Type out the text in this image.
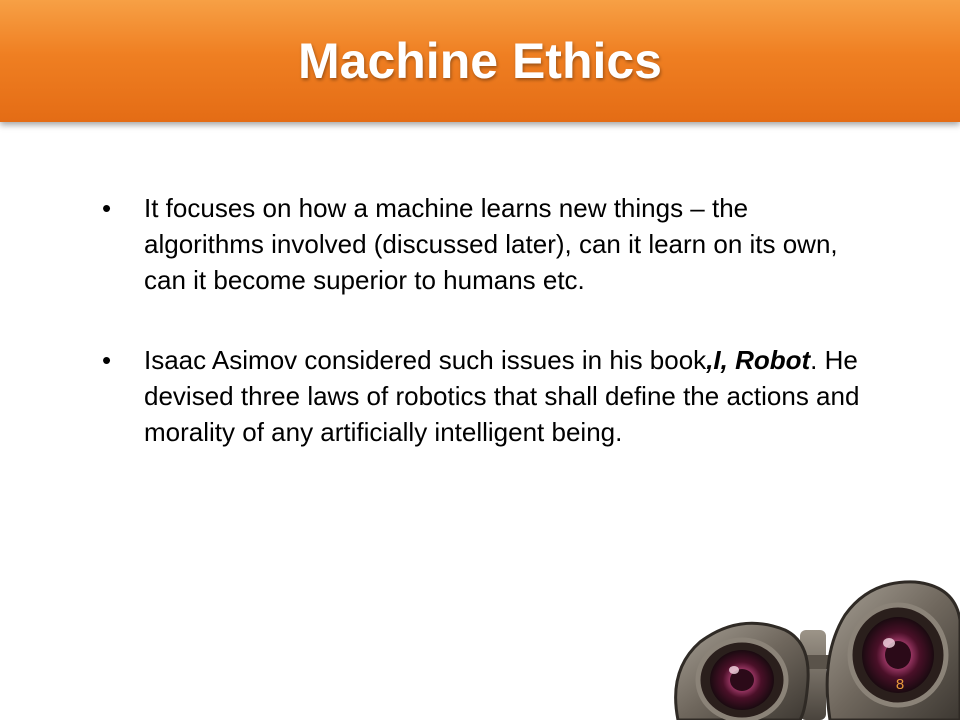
Machine Ethics
• It focuses on how a machine learns new things – the algorithms involved (discussed later), can it learn on its own, can it become superior to humans etc.
• Isaac Asimov considered such issues in his book,I, Robot. He devised three laws of robotics that shall define the actions and morality of any artificially intelligent being.
8
